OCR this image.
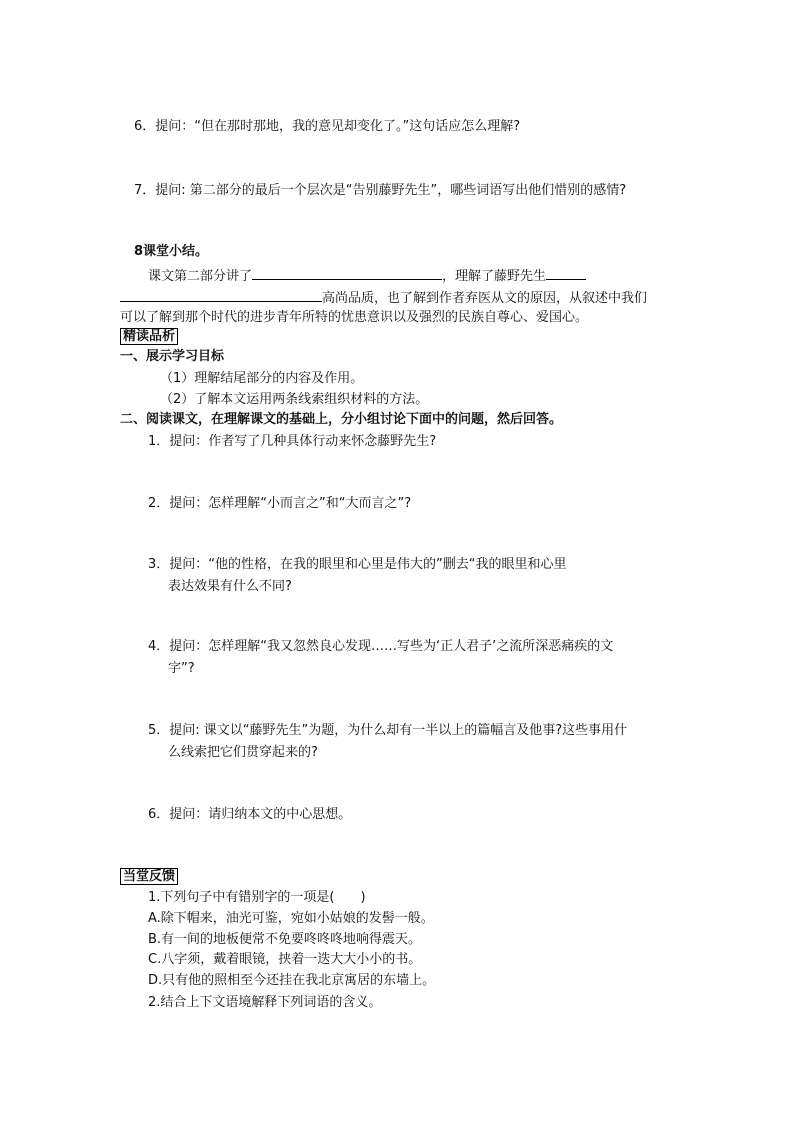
6．提问：“但在那时那地，我的意见却变化了。”这句话应怎么理解?
7．提问: 第二部分的最后一个层次是“告别藤野先生”，哪些词语写出他们惜别的感情?
8课堂小结。
课文第二部分讲了	，理解了藤野先生
高尚品质，也了解到作者弃医从文的原因，从叙述中我们
可以了解到那个时代的进步青年所特的忧患意识以及强烈的民族自尊心、爱国心。
精读品析
一、展示学习目标
（1）理解结尾部分的内容及作用。
（2）了解本文运用两条线索组织材料的方法。
二、阅读课文，在理解课文的基础上，分小组讨论下面中的问题，然后回答。
1．提问：作者写了几种具体行动来怀念藤野先生?
2．提问：怎样理解“小而言之”和“大而言之”?
3．提问：“他的性格，在我的眼里和心里是伟大的”删去“我的眼里和心里
表达效果有什么不同?
4．提问：怎样理解“我又忽然良心发现……写些为‘正人君子’之流所深恶痛疾的文
字”?
5．提问: 课文以“藤野先生”为题，为什么却有一半以上的篇幅言及他事?这些事用什
么线索把它们贯穿起来的?
6．提问：请归纳本文的中心思想。
当堂反馈
1.下列句子中有错别字的一项是(　　)
A.除下帽来，油光可鉴，宛如小姑娘的发髻一般。
B.有一间的地板便常不免要咚咚咚地响得震天。
C.八字须，戴着眼镜，挟着一迭大大小小的书。
D.只有他的照相至今还挂在我北京寓居的东墙上。
2.结合上下文语境解释下列词语的含义。
